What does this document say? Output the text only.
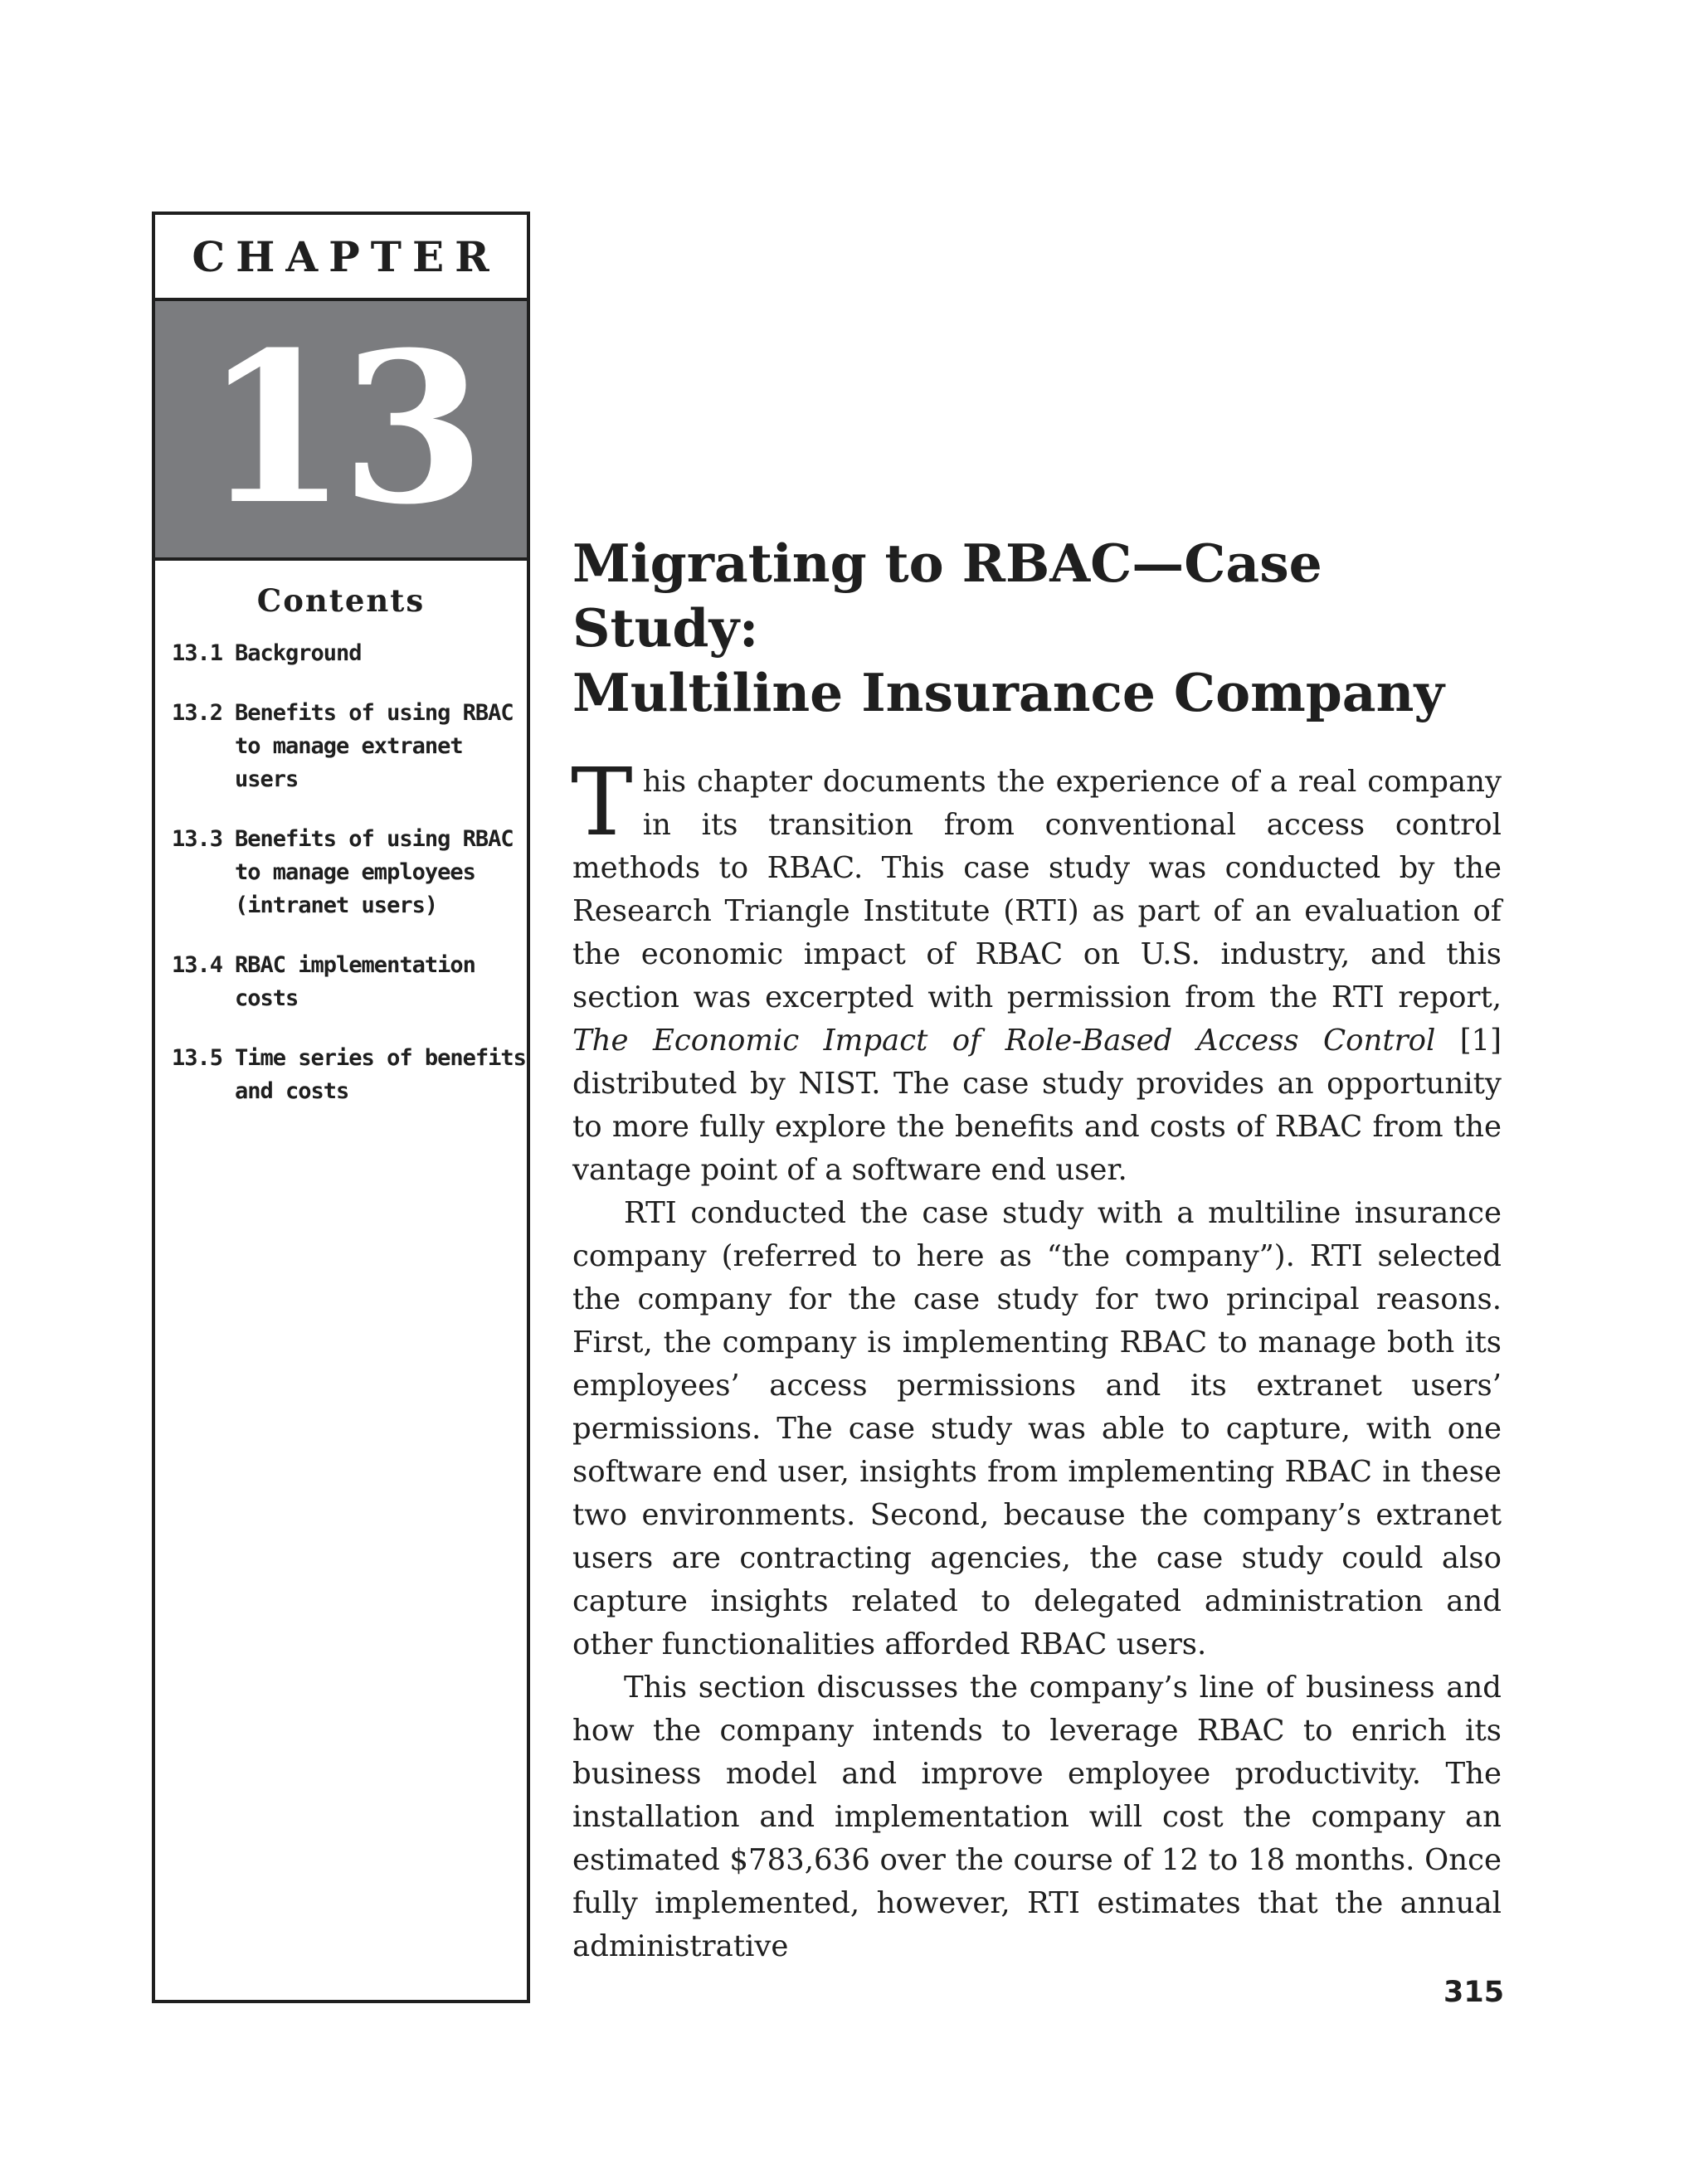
CHAPTER
13
Contents
13.1 Background
13.2 Benefits of using RBAC
to manage extranet users
13.3 Benefits of using RBAC
to manage employees
(intranet users)
13.4 RBAC implementation
costs
13.5 Time series of benefits
and costs
Migrating to RBAC—Case Study:
Multiline Insurance Company

This chapter documents the experience of a real company in its transition from conventional access control methods to RBAC. This case study was conducted by the Research Triangle Institute (RTI) as part of an evaluation of the economic impact of RBAC on U.S. industry, and this section was excerpted with permission from the RTI report, The Economic Impact of Role-Based Access Control [1] distributed by NIST. The case study provides an opportunity to more fully explore the benefits and costs of RBAC from the vantage point of a software end user.

RTI conducted the case study with a multiline insurance company (referred to here as “the company”). RTI selected the company for the case study for two principal reasons. First, the company is implementing RBAC to manage both its employees’ access permissions and its extranet users’ permissions. The case study was able to capture, with one software end user, insights from implementing RBAC in these two environments. Second, because the company’s extranet users are contracting agencies, the case study could also capture insights related to delegated administration and other functionalities afforded RBAC users.

This section discusses the company’s line of business and how the company intends to leverage RBAC to enrich its business model and improve employee productivity. The installation and implementation will cost the company an estimated $783,636 over the course of 12 to 18 months. Once fully implemented, however, RTI estimates that the annual administrative

315
